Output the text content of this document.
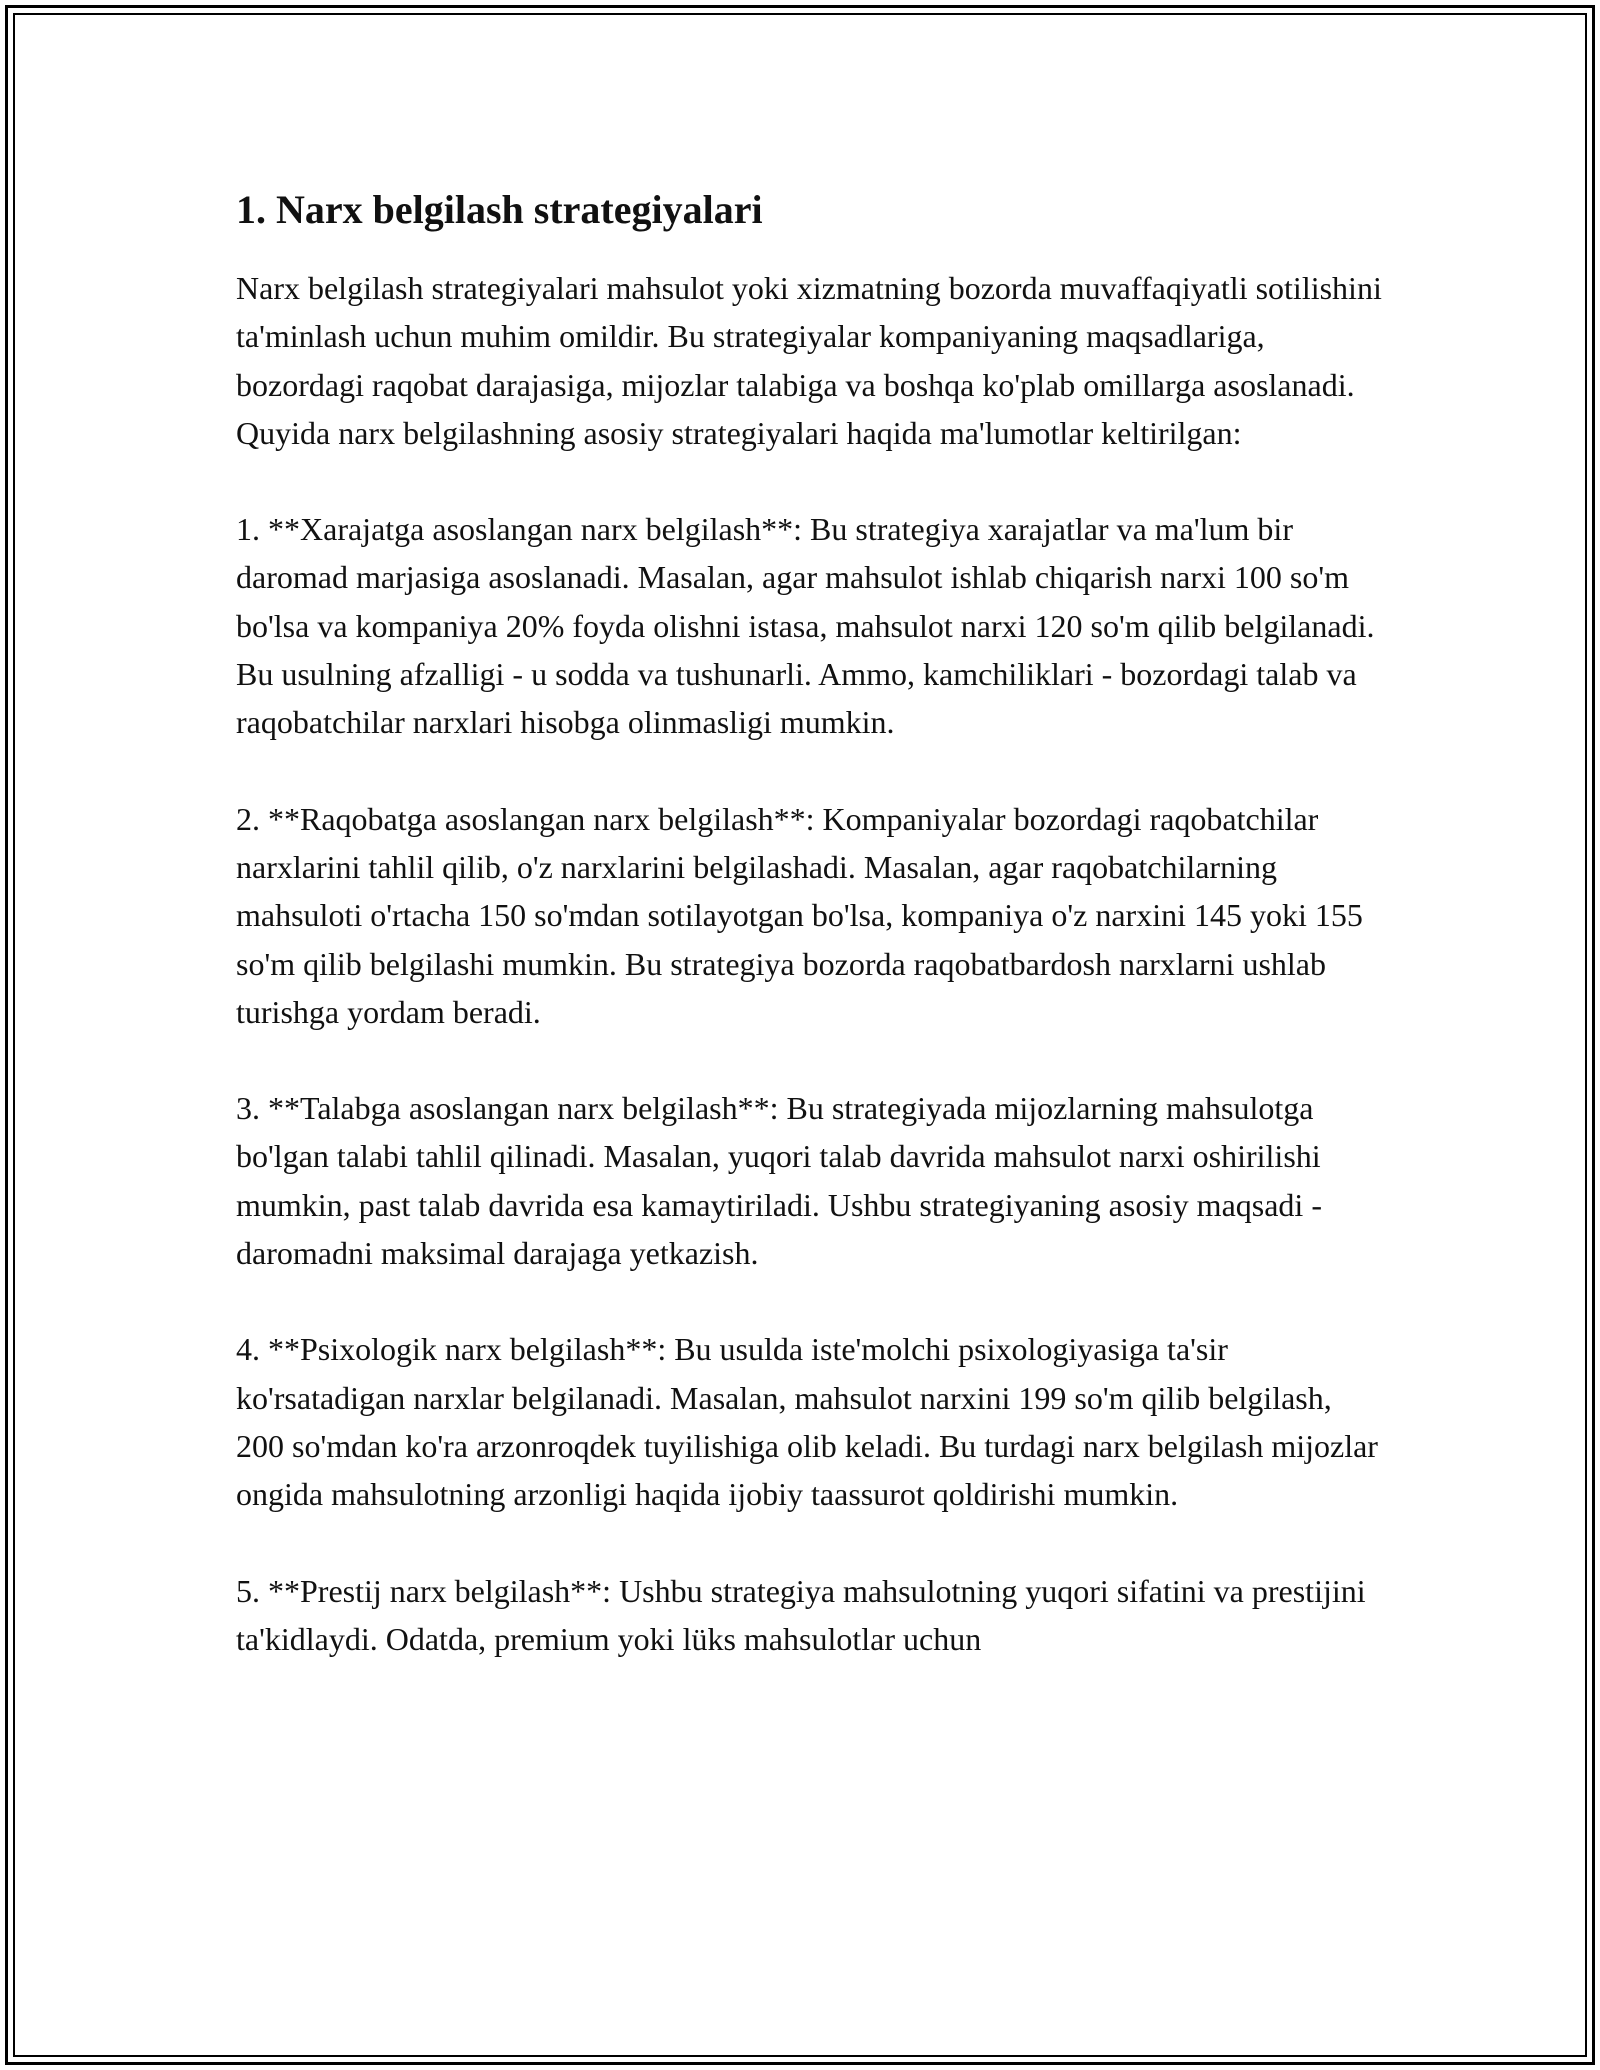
1. Narx belgilash strategiyalari

Narx belgilash strategiyalari mahsulot yoki xizmatning bozorda muvaffaqiyatli sotilishini ta'minlash uchun muhim omildir. Bu strategiyalar kompaniyaning maqsadlariga, bozordagi raqobat darajasiga, mijozlar talabiga va boshqa ko'plab omillarga asoslanadi. Quyida narx belgilashning asosiy strategiyalari haqida ma'lumotlar keltirilgan:

1. **Xarajatga asoslangan narx belgilash**: Bu strategiya xarajatlar va ma'lum bir daromad marjasiga asoslanadi. Masalan, agar mahsulot ishlab chiqarish narxi 100 so'm bo'lsa va kompaniya 20% foyda olishni istasa, mahsulot narxi 120 so'm qilib belgilanadi. Bu usulning afzalligi - u sodda va tushunarli. Ammo, kamchiliklari - bozordagi talab va raqobatchilar narxlari hisobga olinmasligi mumkin.

2. **Raqobatga asoslangan narx belgilash**: Kompaniyalar bozordagi raqobatchilar narxlarini tahlil qilib, o'z narxlarini belgilashadi. Masalan, agar raqobatchilarning mahsuloti o'rtacha 150 so'mdan sotilayotgan bo'lsa, kompaniya o'z narxini 145 yoki 155 so'm qilib belgilashi mumkin. Bu strategiya bozorda raqobatbardosh narxlarni ushlab turishga yordam beradi.

3. **Talabga asoslangan narx belgilash**: Bu strategiyada mijozlarning mahsulotga bo'lgan talabi tahlil qilinadi. Masalan, yuqori talab davrida mahsulot narxi oshirilishi mumkin, past talab davrida esa kamaytiriladi. Ushbu strategiyaning asosiy maqsadi - daromadni maksimal darajaga yetkazish.

4. **Psixologik narx belgilash**: Bu usulda iste'molchi psixologiyasiga ta'sir ko'rsatadigan narxlar belgilanadi. Masalan, mahsulot narxini 199 so'm qilib belgilash, 200 so'mdan ko'ra arzonroqdek tuyilishiga olib keladi. Bu turdagi narx belgilash mijozlar ongida mahsulotning arzonligi haqida ijobiy taassurot qoldirishi mumkin.

5. **Prestij narx belgilash**: Ushbu strategiya mahsulotning yuqori sifatini va prestijini ta'kidlaydi. Odatda, premium yoki lüks mahsulotlar uchun
